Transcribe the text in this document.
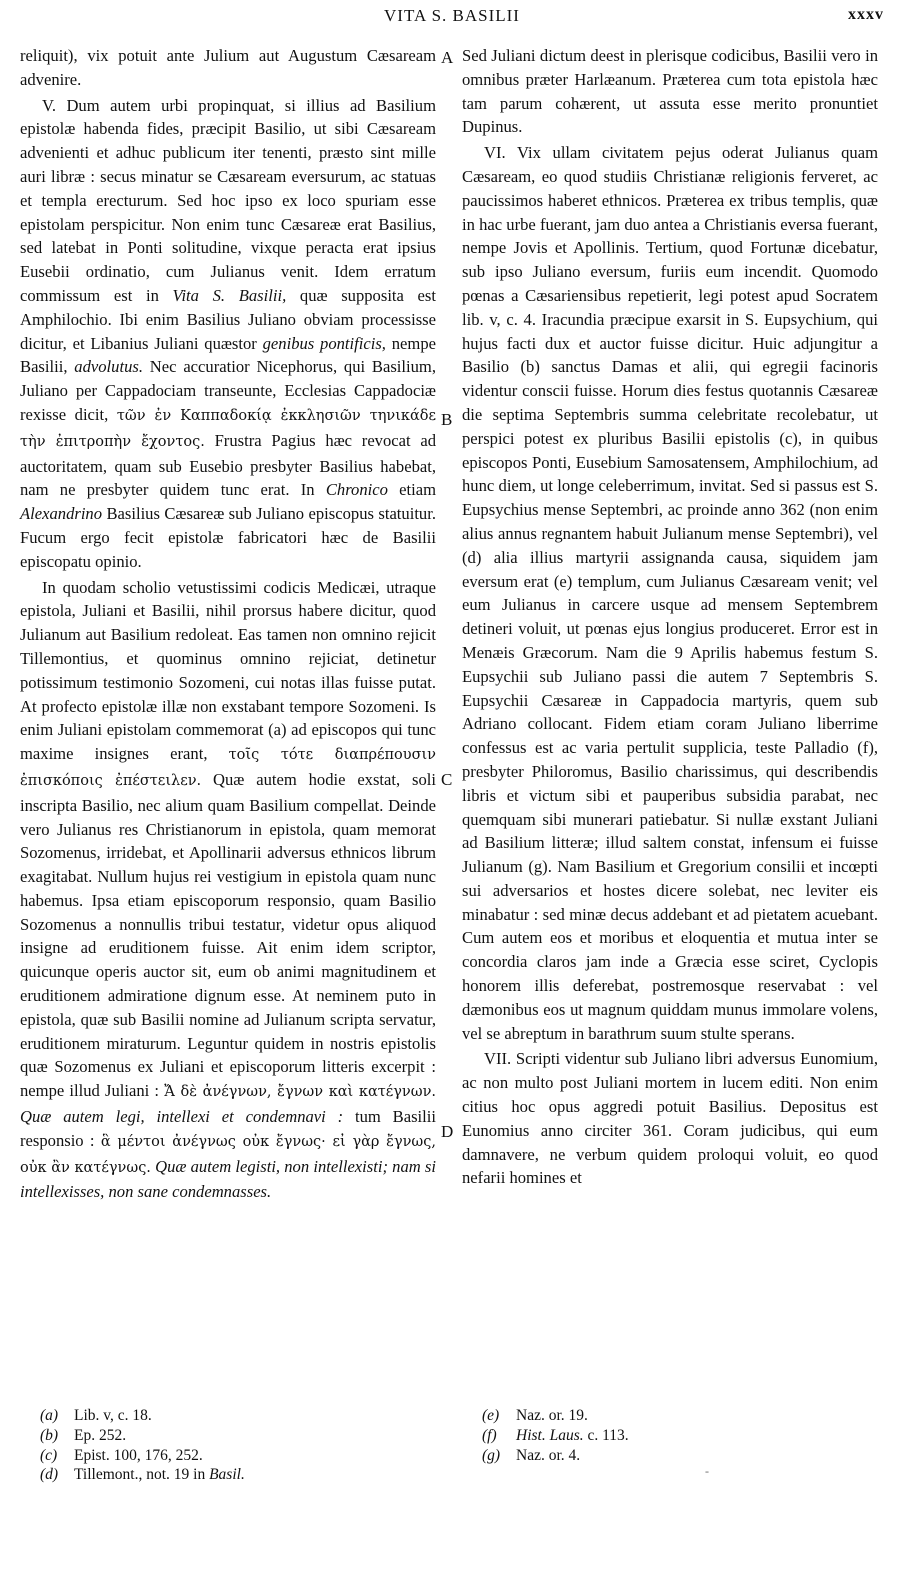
VITA S. BASILII	xxxv
A
B
C
D

reliquit), vix potuit ante Julium aut Augustum Cæsaream advenire.

V. Dum autem urbi propinquat, si illius ad Basilium epistolæ habenda fides, præcipit Basilio, ut sibi Cæsaream advenienti et adhuc publicum iter tenenti, præsto sint mille auri libræ : secus minatur se Cæsaream eversurum, ac statuas et templa erecturum. Sed hoc ipso ex loco spuriam esse epistolam perspicitur. Non enim tunc Cæsareæ erat Basilius, sed latebat in Ponti solitudine, vixque peracta erat ipsius Eusebii ordinatio, cum Julianus venit. Idem erratum commissum est in Vita S. Basilii, quæ supposita est Amphilochio. Ibi enim Basilius Juliano obviam processisse dicitur, et Libanius Juliani quæstor genibus pontificis, nempe Basilii, advolutus. Nec accuratior Nicephorus, qui Basilium, Juliano per Cappadociam transeunte, Ecclesias Cappadociæ rexisse dicit, τῶν ἐν Καππαδοκίᾳ ἐκκλησιῶν τηνικάδε τὴν ἐπιτροπὴν ἔχοντος. Frustra Pagius hæc revocat ad auctoritatem, quam sub Eusebio presbyter Basilius habebat, nam ne presbyter quidem tunc erat. In Chronico etiam Alexandrino Basilius Cæsareæ sub Juliano episcopus statuitur. Fucum ergo fecit epistolæ fabricatori hæc de Basilii episcopatu opinio.

In quodam scholio vetustissimi codicis Medicæi, utraque epistola, Juliani et Basilii, nihil prorsus habere dicitur, quod Julianum aut Basilium redoleat. Eas tamen non omnino rejicit Tillemontius, et quominus omnino rejiciat, detinetur potissimum testimonio Sozomeni, cui notas illas fuisse putat. At profecto epistolæ illæ non exstabant tempore Sozomeni. Is enim Juliani epistolam commemorat (a) ad episcopos qui tunc maxime insignes erant, τοῖς τότε διαπρέπουσιν ἐπισκόποις ἐπέστειλεν. Quæ autem hodie exstat, soli inscripta Basilio, nec alium quam Basilium compellat. Deinde vero Julianus res Christianorum in epistola, quam memorat Sozomenus, irridebat, et Apollinarii adversus ethnicos librum exagitabat. Nullum hujus rei vestigium in epistola quam nunc habemus. Ipsa etiam episcoporum responsio, quam Basilio Sozomenus a nonnullis tribui testatur, videtur opus aliquod insigne ad eruditionem fuisse. Ait enim idem scriptor, quicunque operis auctor sit, eum ob animi magnitudinem et eruditionem admiratione dignum esse. At neminem puto in epistola, quæ sub Basilii nomine ad Julianum scripta servatur, eruditionem miraturum. Leguntur quidem in nostris epistolis quæ Sozomenus ex Juliani et episcoporum litteris excerpit : nempe illud Juliani : Ἄ δὲ ἀνέγνων, ἔγνων καὶ κατέγνων. Quæ autem legi, intellexi et condemnavi : tum Basilii responsio : ἃ μέντοι ἀνέγνως οὐκ ἔγνως· εἰ γὰρ ἔγνως, οὐκ ἂν κατέγνως. Quæ autem legisti, non intellexisti; nam si intellexisses, non sane condemnasses.

Sed Juliani dictum deest in plerisque codicibus, Basilii vero in omnibus præter Harlæanum. Præterea cum tota epistola hæc tam parum cohærent, ut assuta esse merito pronuntiet Dupinus.

VI. Vix ullam civitatem pejus oderat Julianus quam Cæsaream, eo quod studiis Christianæ religionis ferveret, ac paucissimos haberet ethnicos. Præterea ex tribus templis, quæ in hac urbe fuerant, jam duo antea a Christianis eversa fuerant, nempe Jovis et Apollinis. Tertium, quod Fortunæ dicebatur, sub ipso Juliano eversum, furiis eum incendit. Quomodo pœnas a Cæsariensibus repetierit, legi potest apud Socratem lib. v, c. 4. Iracundia præcipue exarsit in S. Eupsychium, qui hujus facti dux et auctor fuisse dicitur. Huic adjungitur a Basilio (b) sanctus Damas et alii, qui egregii facinoris videntur conscii fuisse. Horum dies festus quotannis Cæsareæ die septima Septembris summa celebritate recolebatur, ut perspici potest ex pluribus Basilii epistolis (c), in quibus episcopos Ponti, Eusebium Samosatensem, Amphilochium, ad hunc diem, ut longe celeberrimum, invitat. Sed si passus est S. Eupsychius mense Septembri, ac proinde anno 362 (non enim alius annus regnantem habuit Julianum mense Septembri), vel (d) alia illius martyrii assignanda causa, siquidem jam eversum erat (e) templum, cum Julianus Cæsaream venit; vel eum Julianus in carcere usque ad mensem Septembrem detineri voluit, ut pœnas ejus longius produceret. Error est in Menæis Græcorum. Nam die 9 Aprilis habemus festum S. Eupsychii sub Juliano passi die autem 7 Septembris S. Eupsychii Cæsareæ in Cappadocia martyris, quem sub Adriano collocant. Fidem etiam coram Juliano liberrime confessus est ac varia pertulit supplicia, teste Palladio (f), presbyter Philoromus, Basilio charissimus, qui describendis libris et victum sibi et pauperibus subsidia parabat, nec quemquam sibi munerari patiebatur. Si nullæ exstant Juliani ad Basilium litteræ; illud saltem constat, infensum ei fuisse Julianum (g). Nam Basilium et Gregorium consilii et incœpti sui adversarios et hostes dicere solebat, nec leviter eis minabatur : sed minæ decus addebant et ad pietatem acuebant. Cum autem eos et moribus et eloquentia et mutua inter se concordia claros jam inde a Græcia esse sciret, Cyclopis honorem illis deferebat, postremosque reservabat : vel dæmonibus eos ut magnum quiddam munus immolare volens, vel se abreptum in barathrum suum stulte sperans.

VII. Scripti videntur sub Juliano libri adversus Eunomium, ac non multo post Juliani mortem in lucem editi. Non enim citius hoc opus aggredi potuit Basilius. Depositus est Eunomius anno circiter 361. Coram judicibus, qui eum damnavere, ne verbum quidem proloqui voluit, eo quod nefarii homines et

(a) Lib. v, c. 18.
(b) Ep. 252.
(c) Epist. 100, 176, 252.
(d) Tillemont., not. 19 in Basil.
(e) Naz. or. 19.
(f) Hist. Laus. c. 113.
(g) Naz. or. 4.
-
